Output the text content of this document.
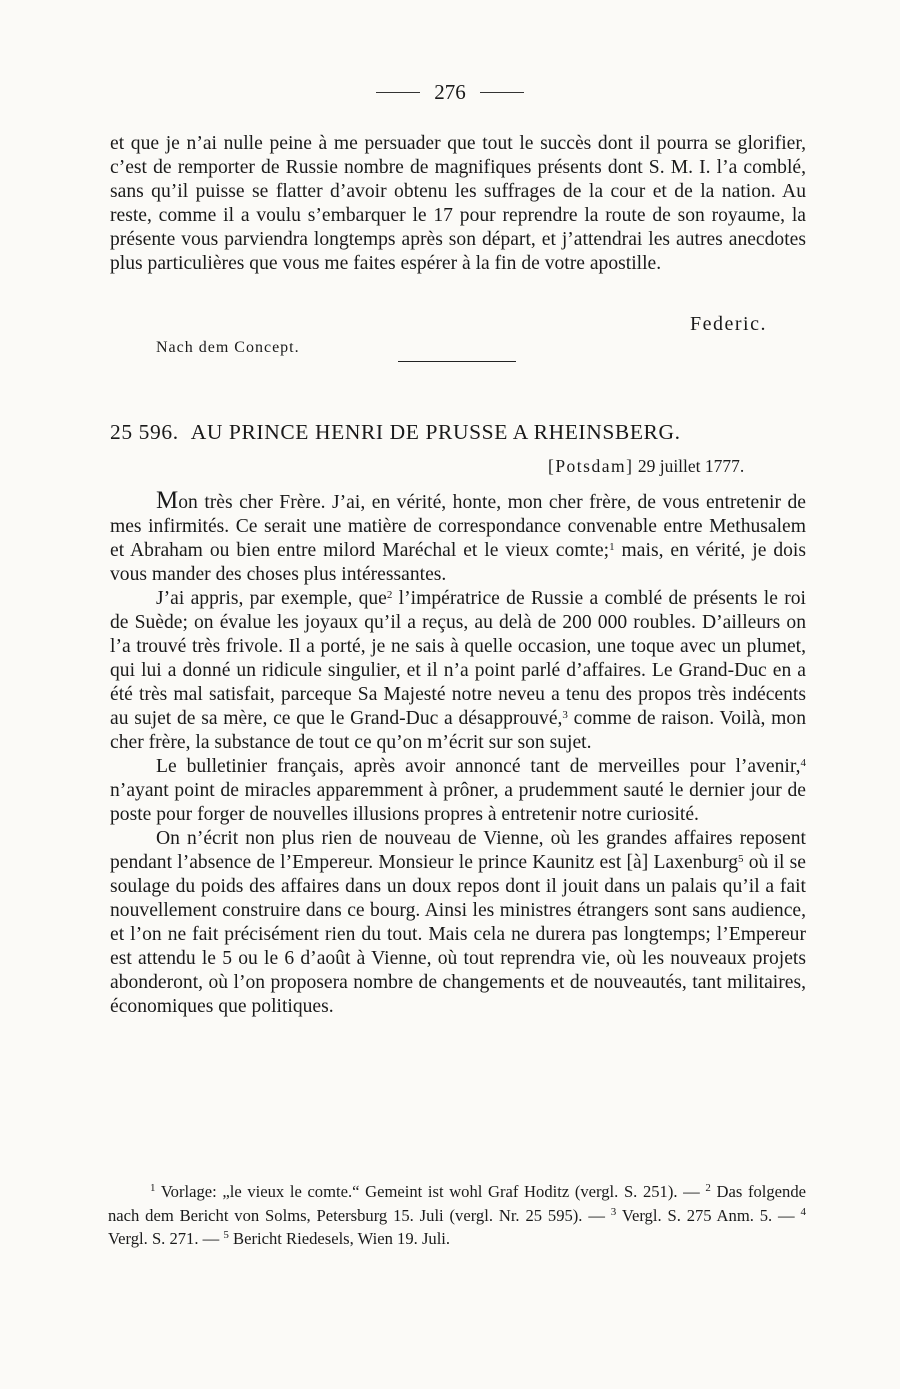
276

et que je n’ai nulle peine à me persuader que tout le succès dont il pourra se glorifier, c’est de remporter de Russie nombre de magnifiques présents dont S. M. I. l’a comblé, sans qu’il puisse se flatter d’avoir obtenu les suffrages de la cour et de la nation. Au reste, comme il a voulu s’embarquer le 17 pour reprendre la route de son royaume, la présente vous parviendra longtemps après son départ, et j’attendrai les autres anecdotes plus particulières que vous me faites espérer à la fin de votre apostille.

Federic.
Nach dem Concept.
25 596. AU PRINCE HENRI DE PRUSSE A RHEINSBERG.
[Potsdam] 29 juillet 1777.

Mon très cher Frère. J’ai, en vérité, honte, mon cher frère, de vous entretenir de mes infirmités. Ce serait une matière de correspondance convenable entre Methusalem et Abraham ou bien entre milord Maréchal et le vieux comte;$^1$ mais, en vérité, je dois vous mander des choses plus intéressantes.

J’ai appris, par exemple, que$^2$ l’impératrice de Russie a comblé de présents le roi de Suède; on évalue les joyaux qu’il a reçus, au delà de 200 000 roubles. D’ailleurs on l’a trouvé très frivole. Il a porté, je ne sais à quelle occasion, une toque avec un plumet, qui lui a donné un ridicule singulier, et il n’a point parlé d’affaires. Le Grand-Duc en a été très mal satisfait, parceque Sa Majesté notre neveu a tenu des propos très indécents au sujet de sa mère, ce que le Grand-Duc a désapprouvé,$^3$ comme de raison. Voilà, mon cher frère, la substance de tout ce qu’on m’écrit sur son sujet.

Le bulletinier français, après avoir annoncé tant de merveilles pour l’avenir,$^4$ n’ayant point de miracles apparemment à prôner, a prudemment sauté le dernier jour de poste pour forger de nouvelles illusions propres à entretenir notre curiosité.

On n’écrit non plus rien de nouveau de Vienne, où les grandes affaires reposent pendant l’absence de l’Empereur. Monsieur le prince Kaunitz est [à] Laxenburg$^5$ où il se soulage du poids des affaires dans un doux repos dont il jouit dans un palais qu’il a fait nouvellement construire dans ce bourg. Ainsi les ministres étrangers sont sans audience, et l’on ne fait précisément rien du tout. Mais cela ne durera pas longtemps; l’Empereur est attendu le 5 ou le 6 d’août à Vienne, où tout reprendra vie, où les nouveaux projets abonderont, où l’on proposera nombre de changements et de nouveautés, tant militaires, économiques que politiques.

$^1$ Vorlage: „le vieux le comte.“ Gemeint ist wohl Graf Hoditz (vergl. S. 251). — $^2$ Das folgende nach dem Bericht von Solms, Petersburg 15. Juli (vergl. Nr. 25 595). — $^3$ Vergl. S. 275 Anm. 5. — $^4$ Vergl. S. 271. — $^5$ Bericht Riedesels, Wien 19. Juli.
